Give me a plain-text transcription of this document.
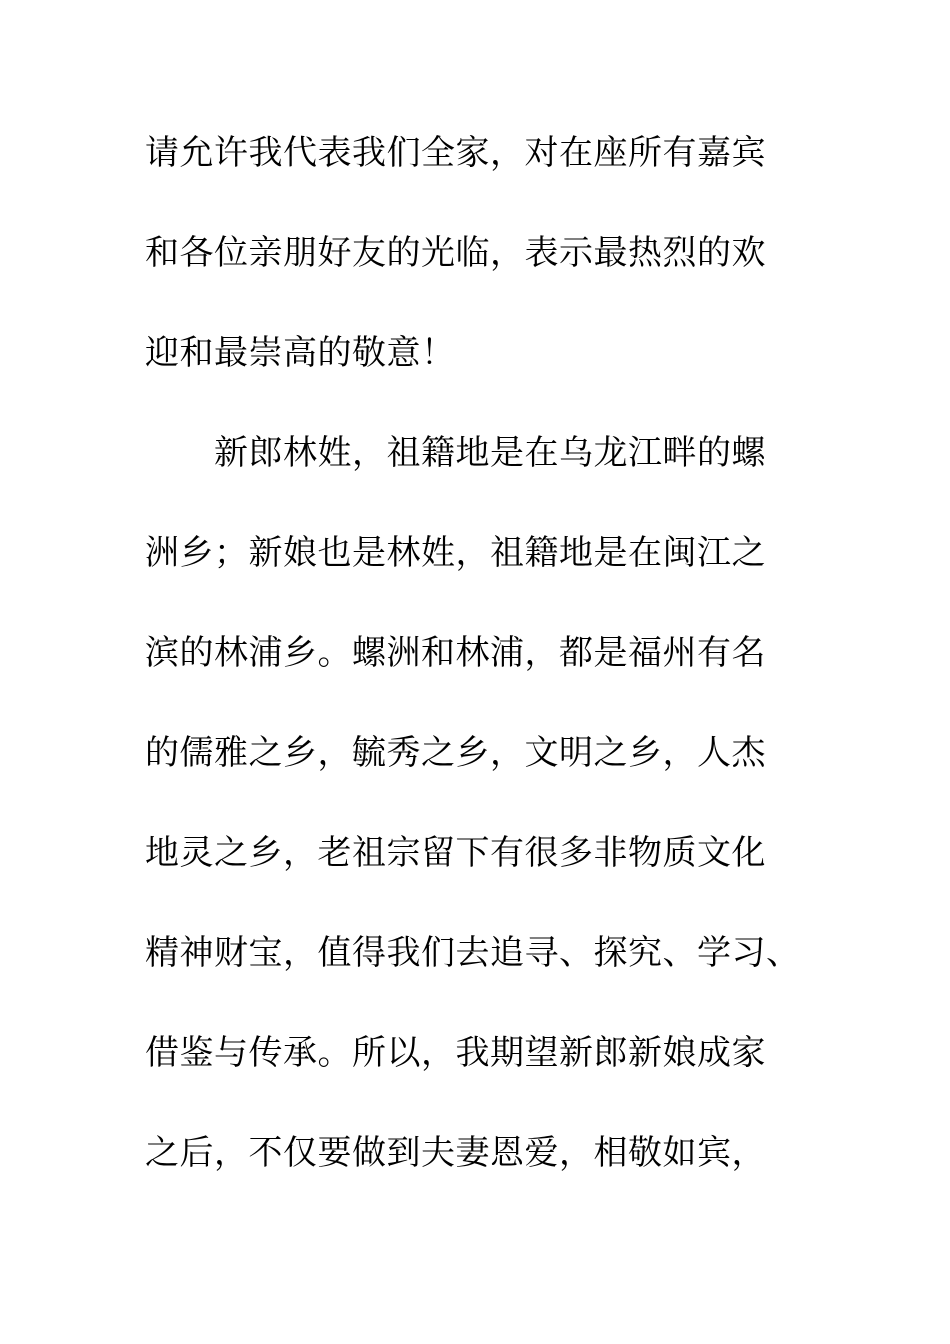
请允许我代表我们全家，对在座所有嘉宾
和各位亲朋好友的光临，表示最热烈的欢
迎和最崇高的敬意！
新郎林姓，祖籍地是在乌龙江畔的螺
洲乡；新娘也是林姓，祖籍地是在闽江之
滨的林浦乡。螺洲和林浦，都是福州有名
的儒雅之乡，毓秀之乡，文明之乡，人杰
地灵之乡，老祖宗留下有很多非物质文化
精神财宝，值得我们去追寻、探究、学习、
借鉴与传承。所以，我期望新郎新娘成家
之后，不仅要做到夫妻恩爱，相敬如宾，
